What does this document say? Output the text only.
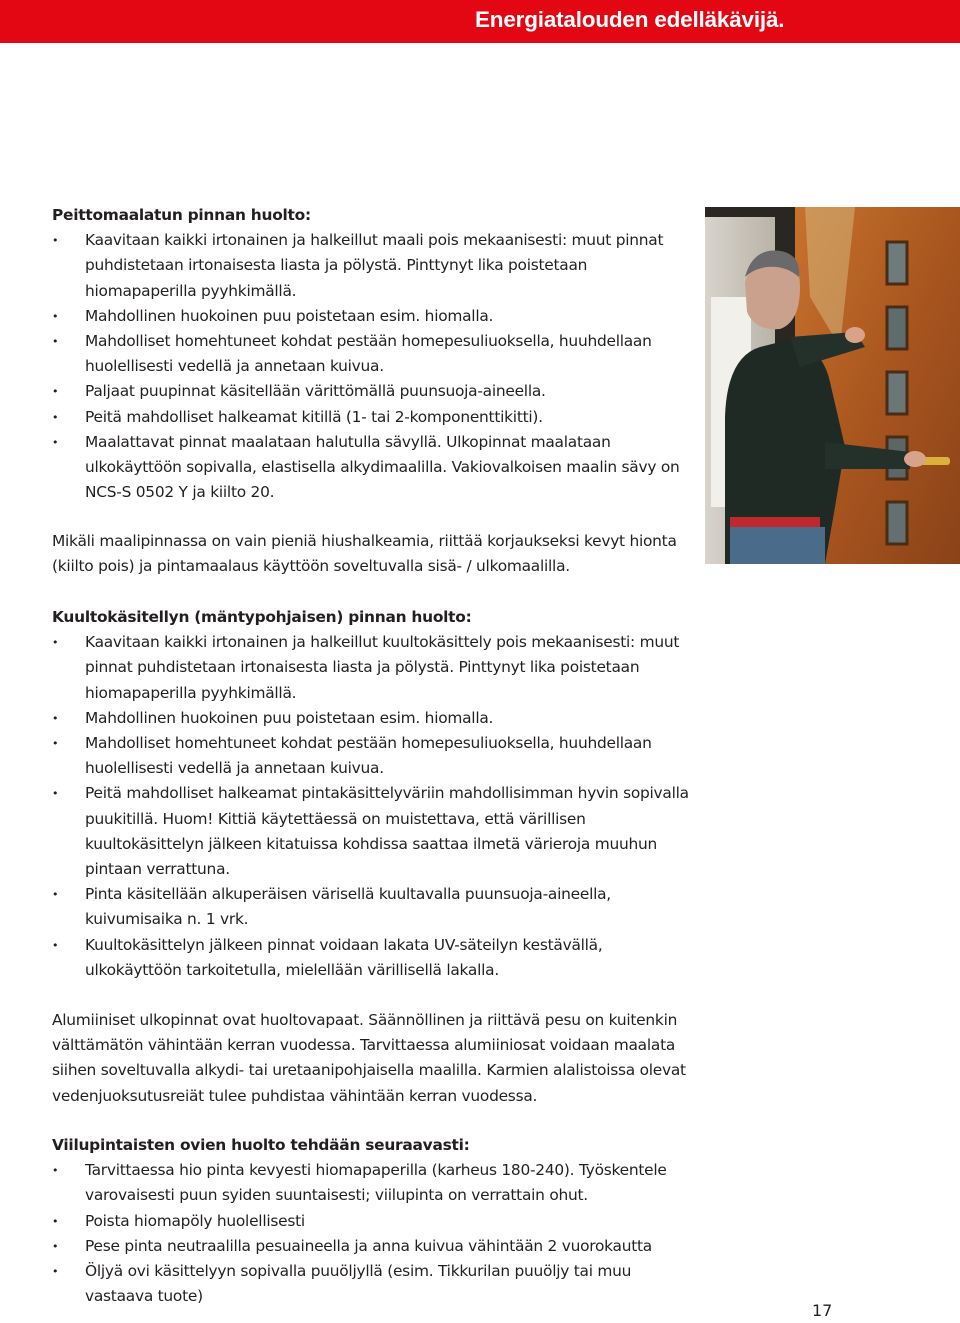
Energiatalouden edelläkävijä.

Peittomaalatun pinnan huolto:

• Kaavitaan kaikki irtonainen ja halkeillut maali pois mekaanisesti: muut pinnat puhdistetaan irtonaisesta liasta ja pölystä. Pinttynyt lika poistetaan hiomapaperilla pyyhkimällä.
• Mahdollinen huokoinen puu poistetaan esim. hiomalla.
• Mahdolliset homehtuneet kohdat pestään homepesuliuoksella, huuhdellaan huolellisesti vedellä ja annetaan kuivua.
• Paljaat puupinnat käsitellään värittömällä puunsuoja-aineella.
• Peitä mahdolliset halkeamat kitillä (1- tai 2-komponenttikitti).
• Maalattavat pinnat maalataan halutulla sävyllä. Ulkopinnat maalataan ulkokäyttöön sopivalla, elastisella alkydimaalilla. Vakiovalkoisen maalin sävy on NCS-S 0502 Y ja kiilto 20.

Mikäli maalipinnassa on vain pieniä hiushalkeamia, riittää korjaukseksi kevyt hionta (kiilto pois) ja pintamaalaus käyttöön soveltuvalla sisä- / ulkomaalilla.

Kuultokäsitellyn (mäntypohjaisen) pinnan huolto:

• Kaavitaan kaikki irtonainen ja halkeillut kuultokäsittely pois mekaanisesti: muut pinnat puhdistetaan irtonaisesta liasta ja pölystä. Pinttynyt lika poistetaan hiomapaperilla pyyhkimällä.
• Mahdollinen huokoinen puu poistetaan esim. hiomalla.
• Mahdolliset homehtuneet kohdat pestään homepesuliuoksella, huuhdellaan huolellisesti vedellä ja annetaan kuivua.
• Peitä mahdolliset halkeamat pintakäsittelyväriin mahdollisimman hyvin sopivalla puukitillä. Huom! Kittiä käytettäessä on muistettava, että värillisen kuultokäsittelyn jälkeen kitatuissa kohdissa saattaa ilmetä värieroja muuhun pintaan verrattuna.
• Pinta käsitellään alkuperäisen värisellä kuultavalla puunsuoja-aineella, kuivumisaika n. 1 vrk.
• Kuultokäsittelyn jälkeen pinnat voidaan lakata UV-säteilyn kestävällä, ulkokäyttöön tarkoitetulla, mielellään värillisellä lakalla.

Alumiiniset ulkopinnat ovat huoltovapaat. Säännöllinen ja riittävä pesu on kuitenkin välttämätön vähintään kerran vuodessa. Tarvittaessa alumiiniosat voidaan maalata siihen soveltuvalla alkydi- tai uretaanipohjaisella maalilla. Karmien alalistoissa olevat vedenjuoksutusreiät tulee puhdistaa vähintään kerran vuodessa.

Viilupintaisten ovien huolto tehdään seuraavasti:

• Tarvittaessa hio pinta kevyesti hiomapaperilla (karheus 180-240). Työskentele varovaisesti puun syiden suuntaisesti; viilupinta on verrattain ohut.
• Poista hiomapöly huolellisesti
• Pese pinta neutraalilla pesuaineella ja anna kuivua vähintään 2 vuorokautta
• Öljyä ovi käsittelyyn sopivalla puuöljyllä (esim. Tikkurilan puuöljy tai muu vastaava tuote)
17
